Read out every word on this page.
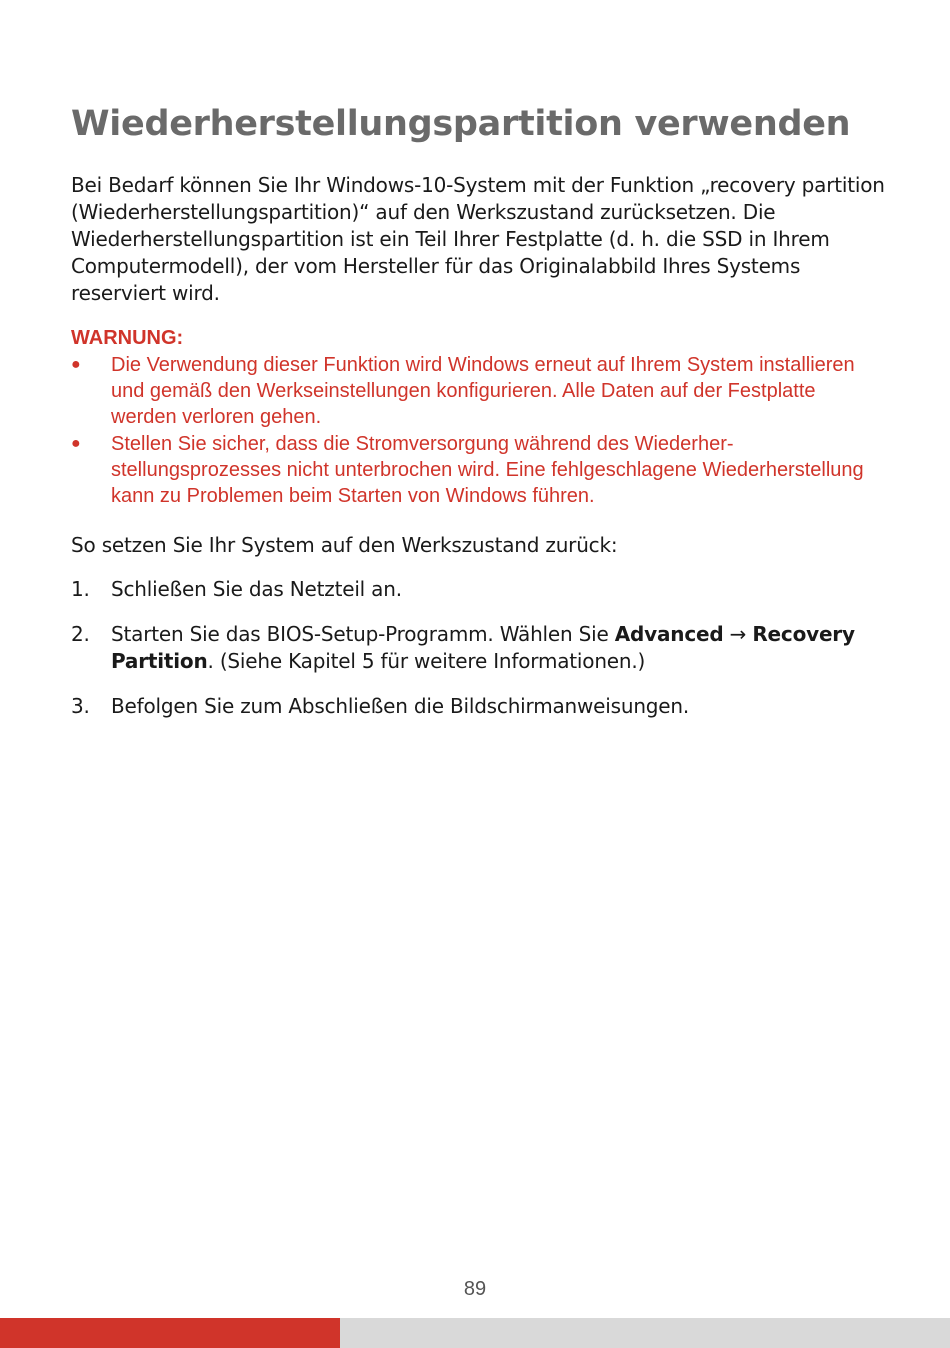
Wiederherstellungspartition verwenden

Bei Bedarf können Sie Ihr Windows-10-System mit der Funktion „recovery partition (Wiederherstellungspartition)“ auf den Werkszustand zurücksetzen. Die Wiederherstellungspartition ist ein Teil Ihrer Festplatte (d. h. die SSD in Ihrem Computermodell), der vom Hersteller für das Originalabbild Ihres Systems reserviert wird.

WARNUNG:

● Die Verwendung dieser Funktion wird Windows erneut auf Ihrem System installieren und gemäß den Werkseinstellungen konfigurieren. Alle Daten auf der Festplatte werden verloren gehen.
● Stellen Sie sicher, dass die Stromversorgung während des Wiederherstellungsprozesses nicht unterbrochen wird. Eine fehlgeschlagene Wiederherstellung kann zu Problemen beim Starten von Windows führen.

So setzen Sie Ihr System auf den Werkszustand zurück:

1. Schließen Sie das Netzteil an.
2. Starten Sie das BIOS-Setup-Programm. Wählen Sie Advanced → Recovery Partition. (Siehe Kapitel 5 für weitere Informationen.)
3. Befolgen Sie zum Abschließen die Bildschirmanweisungen.
89
